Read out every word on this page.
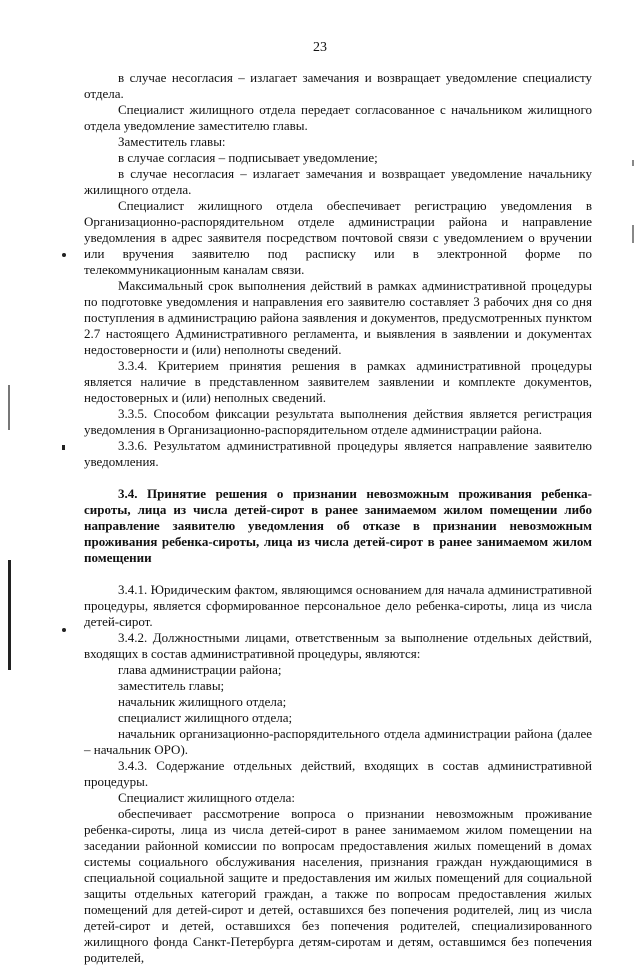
23

в случае несогласия – излагает замечания и возвращает уведомление специалисту отдела.

Специалист жилищного отдела передает согласованное с начальником жилищного отдела уведомление заместителю главы.

Заместитель главы:

в случае согласия – подписывает уведомление;

в случае несогласия – излагает замечания и возвращает уведомление начальнику жилищного отдела.

Специалист жилищного отдела обеспечивает регистрацию уведомления в Организационно-распорядительном отделе администрации района и направление уведомления в адрес заявителя посредством почтовой связи с уведомлением о вручении или вручения заявителю под расписку или в электронной форме по телекоммуникационным каналам связи.

Максимальный срок выполнения действий в рамках административной процедуры по подготовке уведомления и направления его заявителю составляет 3 рабочих дня со дня поступления в администрацию района заявления и документов, предусмотренных пунктом 2.7 настоящего Административного регламента, и выявления в заявлении и документах недостоверности и (или) неполноты сведений.

3.3.4. Критерием принятия решения в рамках административной процедуры является наличие в представленном заявителем заявлении и комплекте документов, недостоверных и (или) неполных сведений.

3.3.5. Способом фиксации результата выполнения действия является регистрация уведомления в Организационно-распорядительном отделе администрации района.

3.3.6. Результатом административной процедуры является направление заявителю уведомления.

3.4. Принятие решения о признании невозможным проживания ребенка-сироты, лица из числа детей-сирот в ранее занимаемом жилом помещении либо направление заявителю уведомления об отказе в признании невозможным проживания ребенка-сироты, лица из числа детей-сирот в ранее занимаемом жилом помещении

3.4.1. Юридическим фактом, являющимся основанием для начала административной процедуры, является сформированное персональное дело ребенка-сироты, лица из числа детей-сирот.

3.4.2. Должностными лицами, ответственным за выполнение отдельных действий, входящих в состав административной процедуры, являются:

глава администрации района;

заместитель главы;

начальник жилищного отдела;

специалист жилищного отдела;

начальник организационно-распорядительного отдела администрации района (далее – начальник ОРО).

3.4.3. Содержание отдельных действий, входящих в состав административной процедуры.

Специалист жилищного отдела:

обеспечивает рассмотрение вопроса о признании невозможным проживание ребенка-сироты, лица из числа детей-сирот в ранее занимаемом жилом помещении на заседании районной комиссии по вопросам предоставления жилых помещений в домах системы социального обслуживания населения, признания граждан нуждающимися в специальной социальной защите и предоставления им жилых помещений для социальной защиты отдельных категорий граждан, а также по вопросам предоставления жилых помещений для детей-сирот и детей, оставшихся без попечения родителей, лиц из числа детей-сирот и детей, оставшихся без попечения родителей, специализированного жилищного фонда Санкт-Петербурга детям-сиротам и детям, оставшимся без попечения родителей,
